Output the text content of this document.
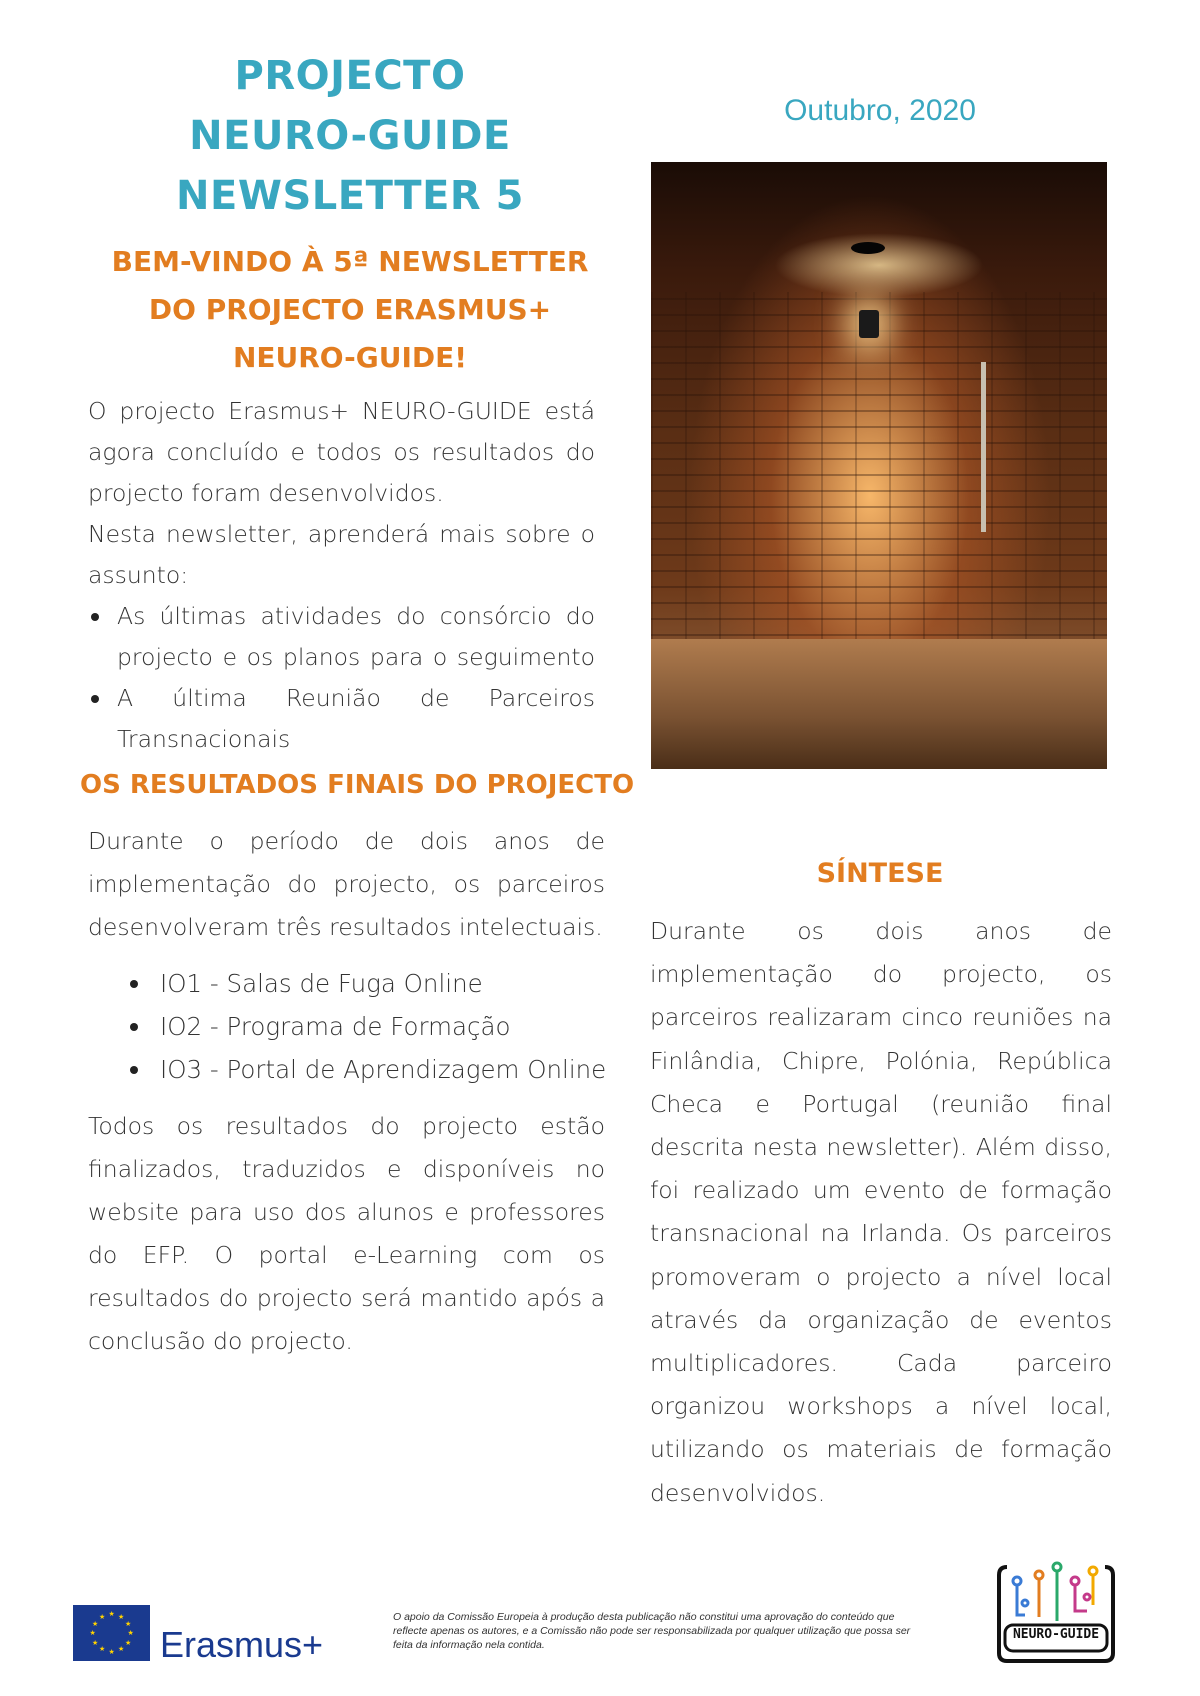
PROJECTO
NEURO-GUIDE
NEWSLETTER 5
Outubro, 2020
BEM-VINDO À 5ª NEWSLETTER
DO PROJECTO ERASMUS+
NEURO-GUIDE!

O projecto Erasmus+ NEURO-GUIDE está agora concluído e todos os resultados do projecto foram desenvolvidos.

Nesta newsletter, aprenderá mais sobre o assunto:

As últimas atividades do consórcio do projecto e os planos para o seguimento
A última Reunião de Parceiros Transnacionais
OS RESULTADOS FINAIS DO PROJECTO

Durante o período de dois anos de implementação do projecto, os parceiros desenvolveram três resultados intelectuais.

IO1 - Salas de Fuga Online
IO2 - Programa de Formação
IO3 - Portal de Aprendizagem Online

Todos os resultados do projecto estão finalizados, traduzidos e disponíveis no website para uso dos alunos e professores do EFP. O portal e-Learning com os resultados do projecto será mantido após a conclusão do projecto.

SÍNTESE

Durante os dois anos de implementação do projecto, os parceiros realizaram cinco reuniões na Finlândia, Chipre, Polónia, República Checa e Portugal (reunião final descrita nesta newsletter). Além disso, foi realizado um evento de formação transnacional na Irlanda. Os parceiros promoveram o projecto a nível local através da organização de eventos multiplicadores. Cada parceiro organizou workshops a nível local, utilizando os materiais de formação desenvolvidos.

★
★
★
★
★
★
★
★
★ ★ ★
★
Erasmus+
O apoio da Comissão Europeia à produção desta publicação não constitui uma aprovação do conteúdo que reflecte apenas os autores, e a Comissão não pode ser responsabilizada por qualquer utilização que possa ser feita da informação nela contida.
NEURO-GUIDE
